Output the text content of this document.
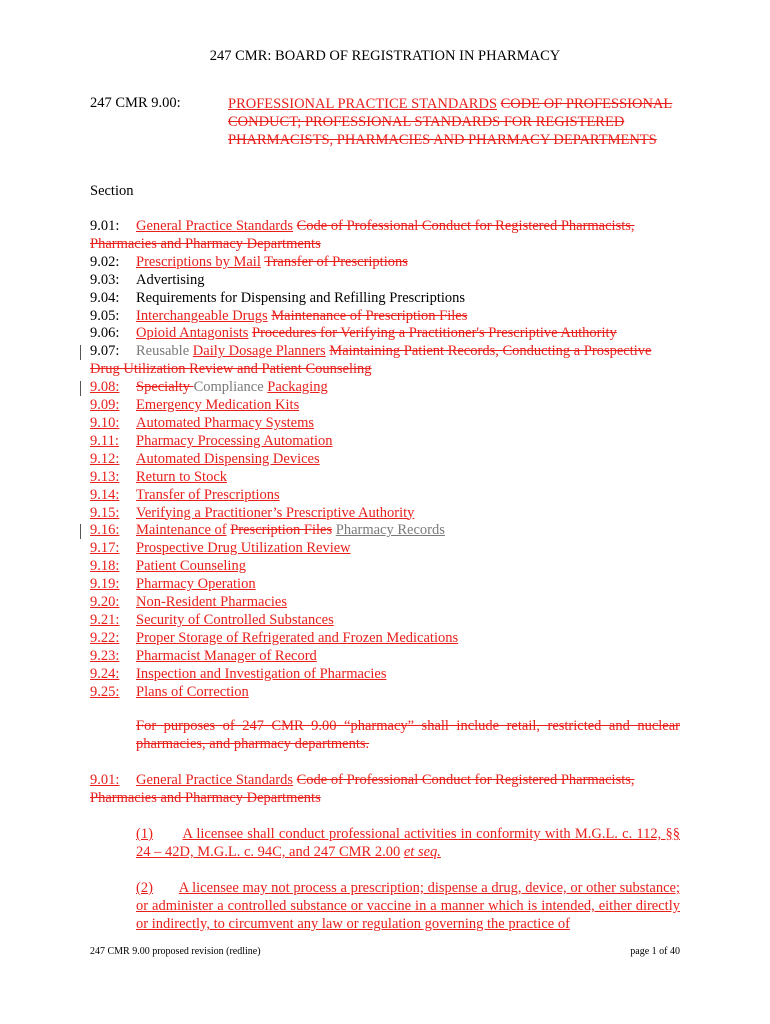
247 CMR: BOARD OF REGISTRATION IN PHARMACY
247 CMR 9.00:	PROFESSIONAL PRACTICE STANDARDS CODE OF PROFESSIONAL CONDUCT; PROFESSIONAL STANDARDS FOR REGISTERED PHARMACISTS, PHARMACIES AND PHARMACY DEPARTMENTS
Section
9.01: General Practice Standards Code of Professional Conduct for Registered Pharmacists, Pharmacies and Pharmacy Departments
9.02: Prescriptions by Mail Transfer of Prescriptions
9.03: Advertising
9.04: Requirements for Dispensing and Refilling Prescriptions
9.05: Interchangeable Drugs Maintenance of Prescription Files
9.06: Opioid Antagonists Procedures for Verifying a Practitioner's Prescriptive Authority
9.07: Reusable Daily Dosage Planners Maintaining Patient Records, Conducting a Prospective Drug Utilization Review and Patient Counseling
9.08: Specialty Compliance Packaging
9.09: Emergency Medication Kits
9.10: Automated Pharmacy Systems
9.11: Pharmacy Processing Automation
9.12: Automated Dispensing Devices
9.13: Return to Stock
9.14: Transfer of Prescriptions
9.15: Verifying a Practitioner’s Prescriptive Authority
9.16: Maintenance of Prescription Files Pharmacy Records
9.17: Prospective Drug Utilization Review
9.18: Patient Counseling
9.19: Pharmacy Operation
9.20: Non-Resident Pharmacies
9.21: Security of Controlled Substances
9.22: Proper Storage of Refrigerated and Frozen Medications
9.23: Pharmacist Manager of Record
9.24: Inspection and Investigation of Pharmacies
9.25: Plans of Correction
For purposes of 247 CMR 9.00 “pharmacy” shall include retail, restricted and nuclear pharmacies, and pharmacy departments.
9.01: General Practice Standards Code of Professional Conduct for Registered Pharmacists, Pharmacies and Pharmacy Departments
(1) A licensee shall conduct professional activities in conformity with M.G.L. c. 112, §§ 24 – 42D, M.G.L. c. 94C, and 247 CMR 2.00 et seq.
(2) A licensee may not process a prescription; dispense a drug, device, or other substance; or administer a controlled substance or vaccine in a manner which is intended, either directly or indirectly, to circumvent any law or regulation governing the practice of
247 CMR 9.00 proposed revision (redline)	page 1 of 40
